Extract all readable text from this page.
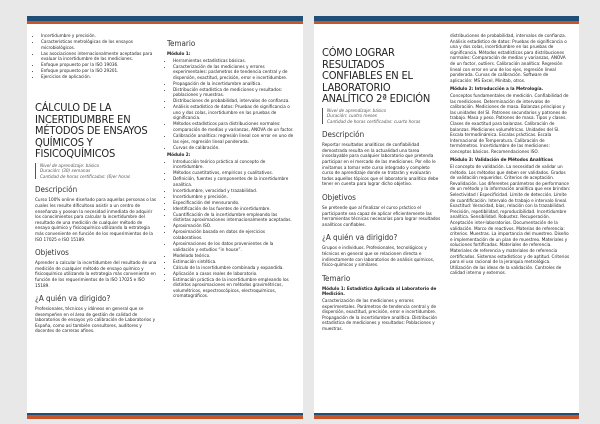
• Incertidumbre y precisión.
• Características metrológicas de los ensayos microbiológicos.
• Las asociaciones internacionalmente aceptadas para evaluar la incertidumbre de las mediciones.
• Enfoque propuesto por la ISO 19036.
• Enfoque propuesto por la ISO 29201.
• Ejercicios de aplicación.
CÁLCULO DE LA INCERTIDUMBRE EN MÉTODOS DE ENSAYOS QUÍMICOS Y FISICOQUÍMICOS
Nivel de aprendizaje: básico
Duración: (30) semanas
Cantidad de horas certificadas: (6)er horas
Descripción

Curso 100% online diseñado para aquellas personas o las cuales les resulte dificultoso asistir a un centro de enseñanza y posean la necesidad inmediata de adquirir los conocimientos para calcular la incertidumbre del resultado de una medición de cualquier método de ensayo químico y fisicoquímico utilizando la estrategia más conveniente en función de los requerimientos de la ISO 17025 e ISO 15189.

Objetivos

Aprender a calcular la incertidumbre del resultado de una medición de cualquier método de ensayo químico y fisicoquímico utilizando la estrategia más conveniente en función de los requerimientos de la ISO 17025 e ISO 15189.

¿A quién va dirigido?

Profesionales, técnicos y idóneos en general que se desempeñen en el área de gestión de calidad de laboratorios de ensayos y/o calibración de Laboratorios y España, como así también consultores, auditores y docentes de carreras afines.

Temario
Módulo 1:
• Herramientas estadísticas básicas.
• Caracterización de las mediciones y errores experimentales: parámetros de tendencia central y de dispersión, exactitud, precisión, error e incertidumbre.
• Propagación de la incertidumbre analítica.
• Distribución estadística de mediciones y resultados: poblaciones y muestras.
• Distribuciones de probabilidad, intervalos de confianza.
• Análisis estadístico de datos: Pruebas de significancia o uno y dos colas, incertidumbre en las pruebas de significancia.
• Métodos estadísticos para distribuciones normales: comparación de medias y varianzas, ANOVA de un factor.
• Calibración analítica: regresión lineal con error en uno de las ejes, regresión lineal ponderada.
• Curvas de calibración.
Módulo 2:
• Introducción teórico práctica al concepto de incertidumbre.
• Métodos cuantitativos, empíricos y cualitativos.
• Definición, fuentes y componentes de la incertidumbre analítica.
• Incertidumbre, veracidad y trazabilidad.
• Incertidumbre y precisión.
• Especificación del mensurando.
• Identificación de las fuentes de incertidumbre.
• Cuantificación de la incertidumbre empleando las distintas aproximaciones internacionalmente aceptadas.
• Aproximación ISO.
• Aproximación basada en datos de ejercicios colaborativos.
• Aproximaciones de los datos provenientes de la validación y estudios “in house”.
• Modelado teórico.
• Estimación sintética.
• Cálculo de la incertidumbre combinada y expandida.
• Aplicación a casos reales de laboratorio.
• Estimación práctica de la incertidumbre empleando los distintos aproximaciones en métodos gravimétricos, volumétricos, espectroscópicos, electroquímicos, cromatográficos.
CÓMO LOGRAR RESULTADOS CONFIABLES EN EL LABORATORIO ANALÍTICO 2ª EDICIÓN
Nivel de aprendizaje: básico
Duración: cuatro meses
Cantidad de horas certificadas: cuarto horas
Descripción

Reportar resultados analíticos de confiabilidad demostrada resulta en la actualidad una tarea insoslayable para cualquier laboratorio que pretenda participar en el mercado de las mediciones. Por ello le invitamos a tomar este curso integrado y completo curso de aprendizaje donde se tratarán y evaluarán todos aquellos tópicos que el laboratorio analítico debe tener en cuenta para lograr dicho objetivo.

Objetivos

Se pretende que al finalizar el curso práctico el participante sea capaz de aplicar eficientemente las herramientas técnicas necesarias para lograr resultados analíticos confiables.

¿A quién va dirigido?

Grupos e individuos. Profesionales, tecnológicos y técnicos en general que se relacionen directa e indirectamente con laboratorios de análisis químicos, físico-químicos y similares.

Temario
Módulo 1: Estadística Aplicada al Laboratorio de Medición.

Caracterización de las mediciones y errores experimentales. Parámetros de tendencia central y de dispersión, exactitud, precisión, error e incertidumbre. Propagación de la incertidumbre analítica. Distribución estadística de mediciones y resultados: Poblaciones y muestras.

distribuciones de probabilidad, intervalos de confianza. Análisis estadístico de datos: Pruebas de significancia o una y dos colas, incertidumbre en las pruebas de significancia. Métodos estadísticos para distribuciones normales: Comparación de medias y varianzas, ANOVA de un factor, outliers. Calibración analítica: Regresión lineal con error en uno de los ejes, regresión lineal ponderada. Curvas de calibración. Software de aplicación: MS Excel, Minitab, otros.

Módulo 2: Introducción a la Metrología.

Conceptos fundamentales de medición. Confiabilidad de las mediciones. Determinación de intervalos de calibración. Mediciones de masa. Balanzas principios y las unidades del SI. Patrones secundarios y patrones de trabajo. Masa y peso. Patrones de masa. Tipos y clases. Clases de exactitud para balanzas. Calibración de balanzas. Mediciones volumétricas. Unidades del SI. Escala termodinámica. Escalas prácticas. Escala Internacional de Temperatura. Calibración de termómetros. Incertidumbre de las mediciones: conceptos básicos. Recomendaciones ISO.

Módulo 3: Validación de Métodos Analíticos

El concepto de validación. La necesidad de validar un método. Los métodos que deben ser validados. Grados de validación requeridos. Criterios de aceptación. Revalidación. Los diferentes parámetros de performance de un método y la información analítica que ese brindan: Selectividad / Especificidad. Límite de detección. Límite de cuantificación. Intervalo de trabajo e intervalo lineal. Exactitud: Veracidad, bias, relación con la trazabilidad. Precisión, repetibilidad, reproducibilidad. Incertidumbre analítica. Sensibilidad. Robustez. Recuperación. Aceptación inter-laboratorios. Documentación de la validación. Marco de reactivos. Materias de referencia: criterios. Muestras. La importancia del muestreo. Diseño e implementación de un plan de muestreo. Materiales y soluciones fortificadas. Materiales de referencia. Materiales de referencia y materiales de referencia certificados. Sistemas estadísticos y de aptitud. Criterios para el uso racional de la jerarquía metrológica. Utilización de las ideas de la validación. Controles de calidad interno y externos.
